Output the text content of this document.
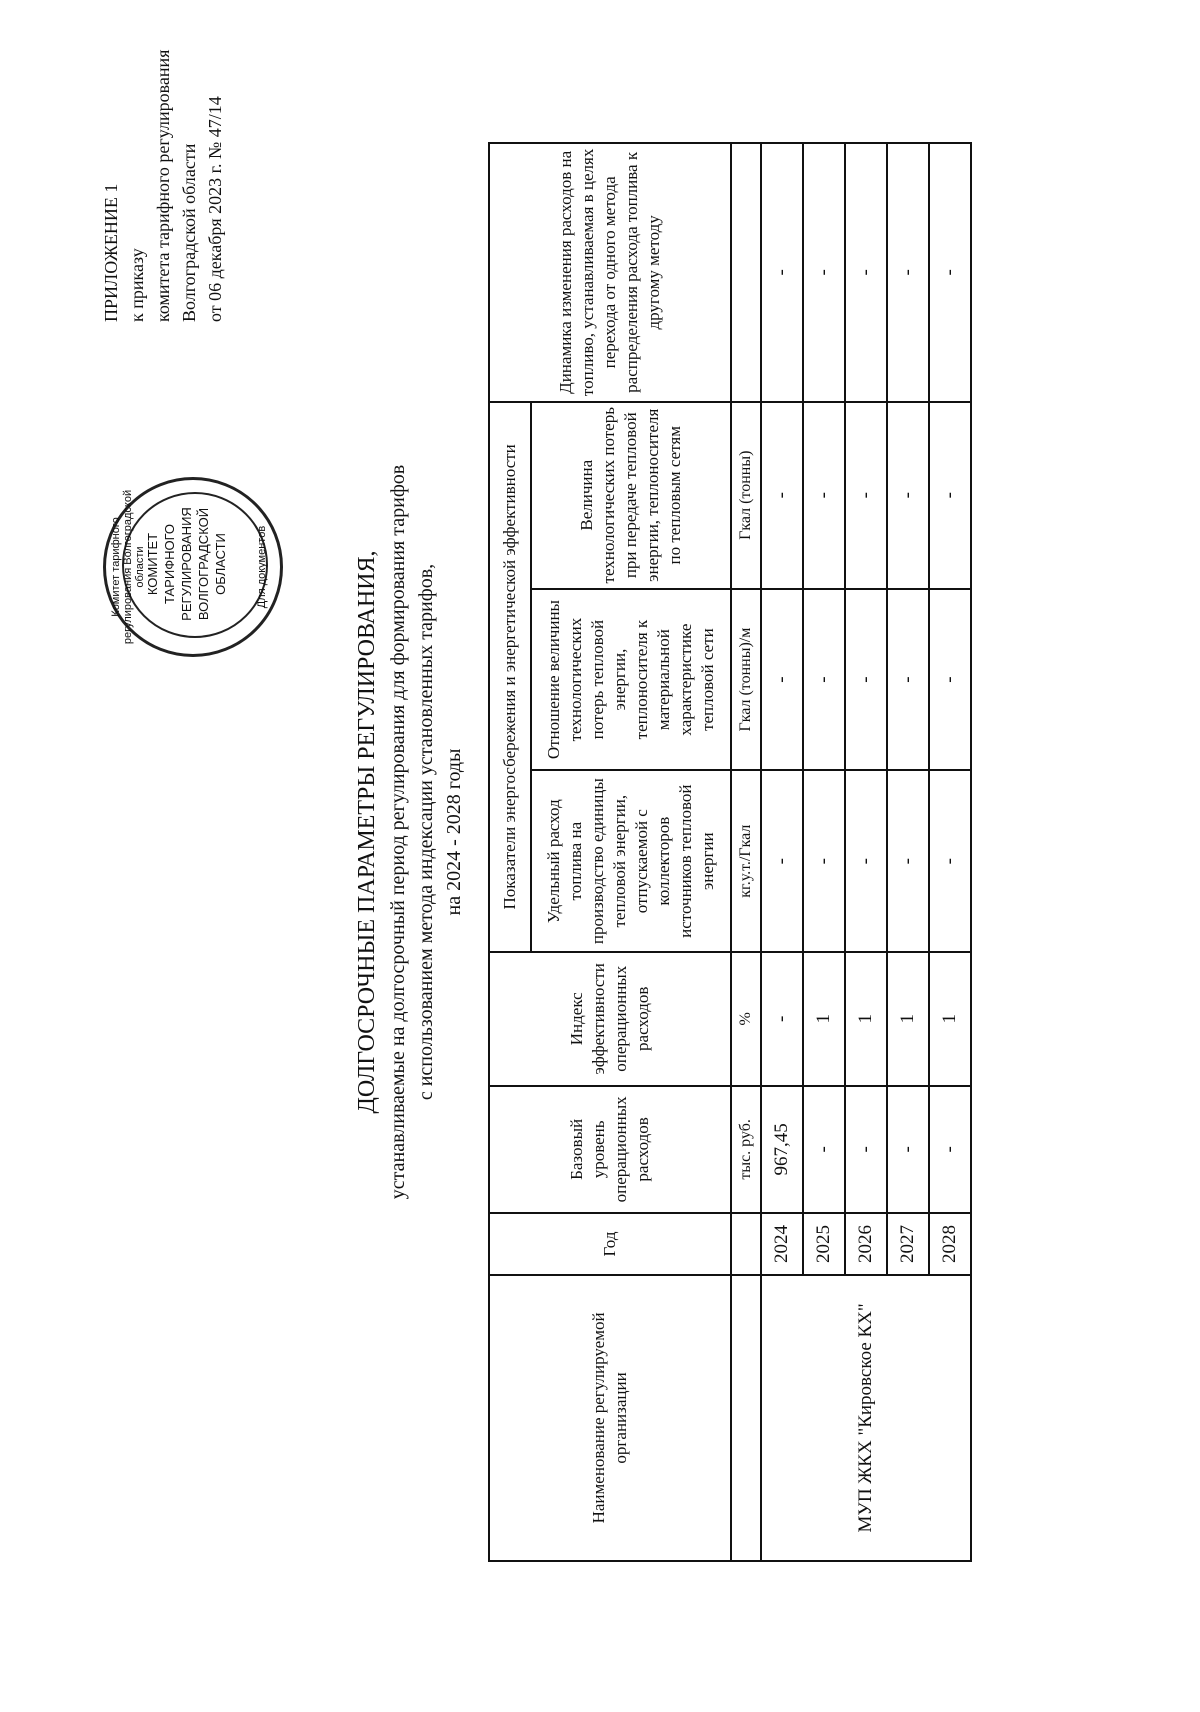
ПРИЛОЖЕНИЕ 1 к приказу комитета тарифного регулирования Волгоградской области от 06 декабря 2023 г. № 47/14
Комитет тарифного регулирования Волгоградской области КОМИТЕТ ТАРИФНОГО РЕГУЛИРОВАНИЯ ВОЛГОГРАДСКОЙ ОБЛАСТИ	Для документов	ДОЛГОСРОЧНЫЕ ПАРАМЕТРЫ РЕГУЛИРОВАНИЯ, устанавливаемые на долгосрочный период регулирования для формирования тарифов с использованием метода индексации установленных тарифов, на 2024 - 2028 годы
Наименование регулируемой организации	Год	Базовый уровень операционных расходов	Индекс эффективности операционных расходов	Показатели энергосбережения и энергетической эффективности			Динамика изменения расходов на топливо, устанавливаемая в целях перехода от одного метода распределения расхода топлива к другому методу
				Удельный расход топлива на производство единицы тепловой энергии, отпускаемой с коллекторов источников тепловой энергии	Отношение величины технологических потерь тепловой энергии, теплоносителя к материальной характеристике тепловой сети	Величина технологических потерь при передаче тепловой энергии, теплоносителя по тепловым сетям	
		тыс. руб.	%	кг.у.т./Гкал	Гкал (тонны)/м	Гкал (тонны)	
МУП ЖКХ "Кировское КХ"	2024	967,45	-	-	-	-	-
	2025	-	1	-	-	-	-
	2026	-	1	-	-	-	-
	2027	-	1	-	-	-	-
	2028	-	1	-	-	-	-
